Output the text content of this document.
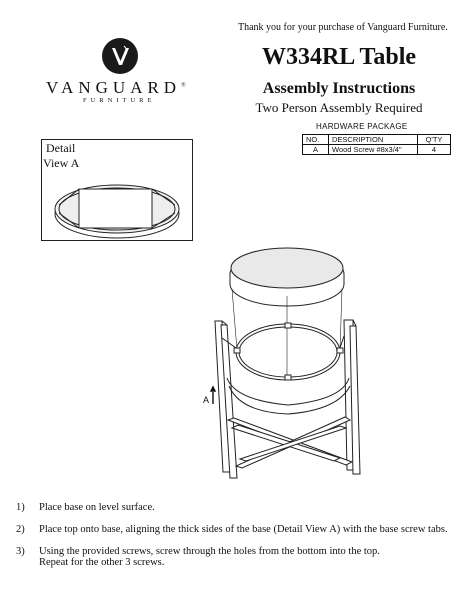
Thank you for your purchase of Vanguard Furniture.
VANGUARD®
FURNITURE
W334RL Table
Assembly Instructions
Two Person Assembly Required
HARDWARE PACKAGE
NO.	DESCRIPTION	Q'TY
A	Wood Screw #8x3/4"	4
Detail
View A
A
1) Place base on level surface.
2) Place top onto base, aligning the thick sides of the base (Detail View A) with the base screw tabs.
3) Using the provided screws, screw through the holes from the bottom into the top.
Repeat for the other 3 screws.
